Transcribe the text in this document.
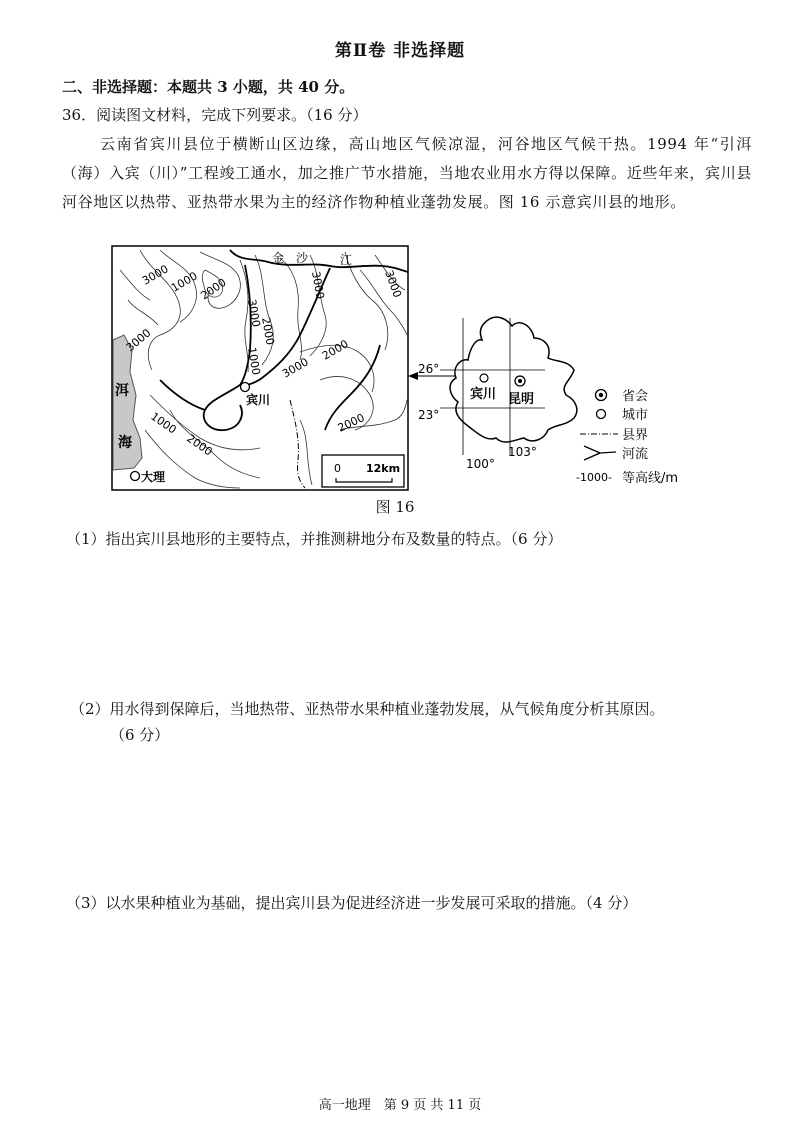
第Ⅱ卷 非选择题
二、非选择题：本题共 3 小题，共 40 分。
36．阅读图文材料，完成下列要求。（16 分）
云南省宾川县位于横断山区边缘，高山地区气候凉湿，河谷地区气候干热。1994 年“引洱（海）入宾（川）”工程竣工通水，加之推广节水措施，当地农业用水方得以保障。近些年来，宾川县河谷地区以热带、亚热带水果为主的经济作物种植业蓬勃发展。图 16 示意宾川县的地形。
3000
1000
2000
3000
3000
2000
1000
3000	3000
3000
2000
2000
2000
1000
金 沙	江
洱
海
宾川
大理
0 12km
26°
23°
100°
103°
宾川 昆明	省会
城市
县界
河流
-1000- 等高线/m
图 16
（1）指出宾川县地形的主要特点，并推测耕地分布及数量的特点。（6 分）
（2）用水得到保障后，当地热带、亚热带水果种植业蓬勃发展，从气候角度分析其原因。
（6 分）
（3）以水果种植业为基础，提出宾川县为促进经济进一步发展可采取的措施。（4 分）
高一地理　第 9 页 共 11 页
